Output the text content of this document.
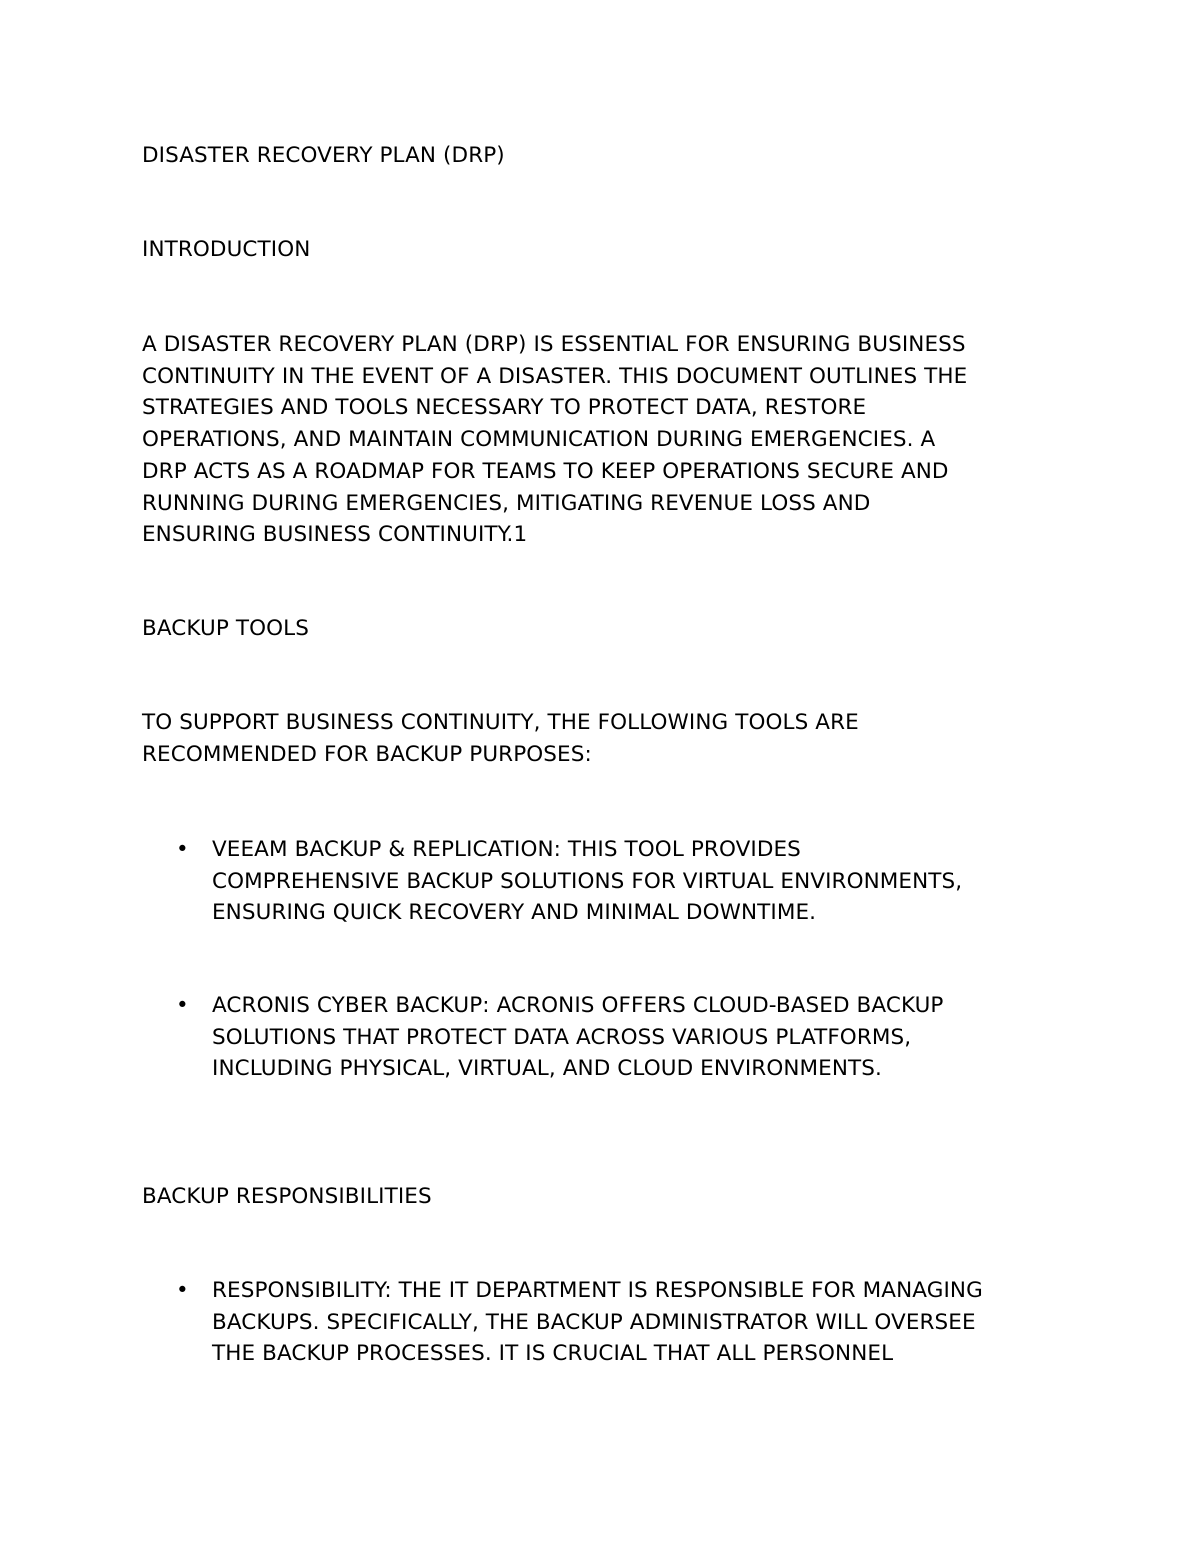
DISASTER RECOVERY PLAN (DRP)
INTRODUCTION
A DISASTER RECOVERY PLAN (DRP) IS ESSENTIAL FOR ENSURING BUSINESS
CONTINUITY IN THE EVENT OF A DISASTER. THIS DOCUMENT OUTLINES THE
STRATEGIES AND TOOLS NECESSARY TO PROTECT DATA, RESTORE
OPERATIONS, AND MAINTAIN COMMUNICATION DURING EMERGENCIES. A
DRP ACTS AS A ROADMAP FOR TEAMS TO KEEP OPERATIONS SECURE AND
RUNNING DURING EMERGENCIES, MITIGATING REVENUE LOSS AND
ENSURING BUSINESS CONTINUITY.1
BACKUP TOOLS
TO SUPPORT BUSINESS CONTINUITY, THE FOLLOWING TOOLS ARE
RECOMMENDED FOR BACKUP PURPOSES:
• VEEAM BACKUP & REPLICATION: THIS TOOL PROVIDES
COMPREHENSIVE BACKUP SOLUTIONS FOR VIRTUAL ENVIRONMENTS,
ENSURING QUICK RECOVERY AND MINIMAL DOWNTIME.
• ACRONIS CYBER BACKUP: ACRONIS OFFERS CLOUD-BASED BACKUP
SOLUTIONS THAT PROTECT DATA ACROSS VARIOUS PLATFORMS,
INCLUDING PHYSICAL, VIRTUAL, AND CLOUD ENVIRONMENTS.
BACKUP RESPONSIBILITIES
• RESPONSIBILITY: THE IT DEPARTMENT IS RESPONSIBLE FOR MANAGING
BACKUPS. SPECIFICALLY, THE BACKUP ADMINISTRATOR WILL OVERSEE
THE BACKUP PROCESSES. IT IS CRUCIAL THAT ALL PERSONNEL
